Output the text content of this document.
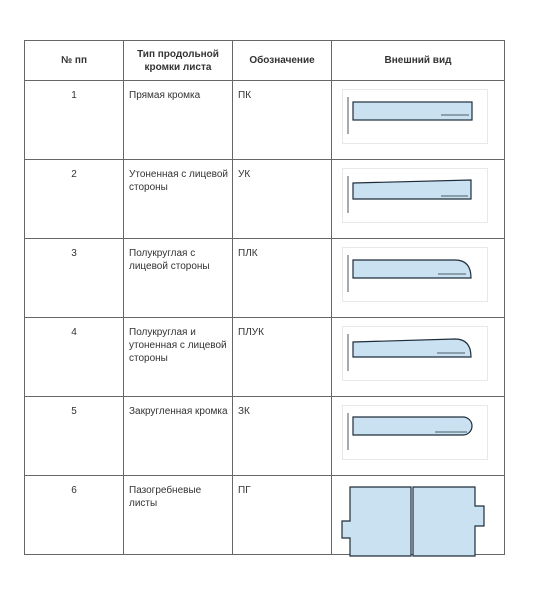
№ пп	Тип продольной кромки листа	Обозначение	Внешний вид
1	Прямая кромка	ПК	

2	Утоненная с лицевой стороны	УК	

3	Полукруглая с лицевой стороны	ПЛК	

4	Полукруглая и утоненная с лицевой стороны	ПЛУК	

5	Закругленная кромка	ЗК	

6	Пазогребневые листы	ПГ	
